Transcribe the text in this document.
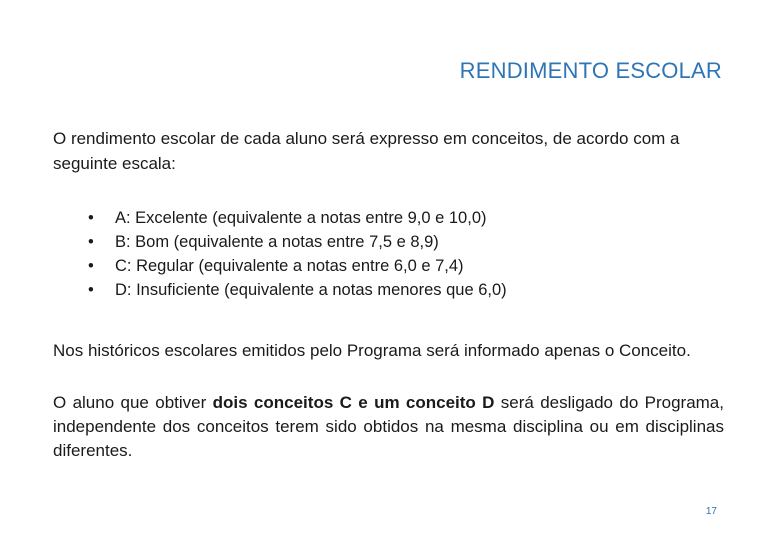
RENDIMENTO ESCOLAR
O rendimento escolar de cada aluno será expresso em conceitos, de acordo com a seguinte escala:
• A: Excelente (equivalente a notas entre 9,0 e 10,0)
• B: Bom (equivalente a notas entre 7,5 e 8,9)
• C: Regular (equivalente a notas entre 6,0 e 7,4)
• D: Insuficiente (equivalente a notas menores que 6,0)
Nos históricos escolares emitidos pelo Programa será informado apenas o Conceito.
O aluno que obtiver dois conceitos C e um conceito D será desligado do Programa, independente dos conceitos terem sido obtidos na mesma disciplina ou em disciplinas diferentes.
17
